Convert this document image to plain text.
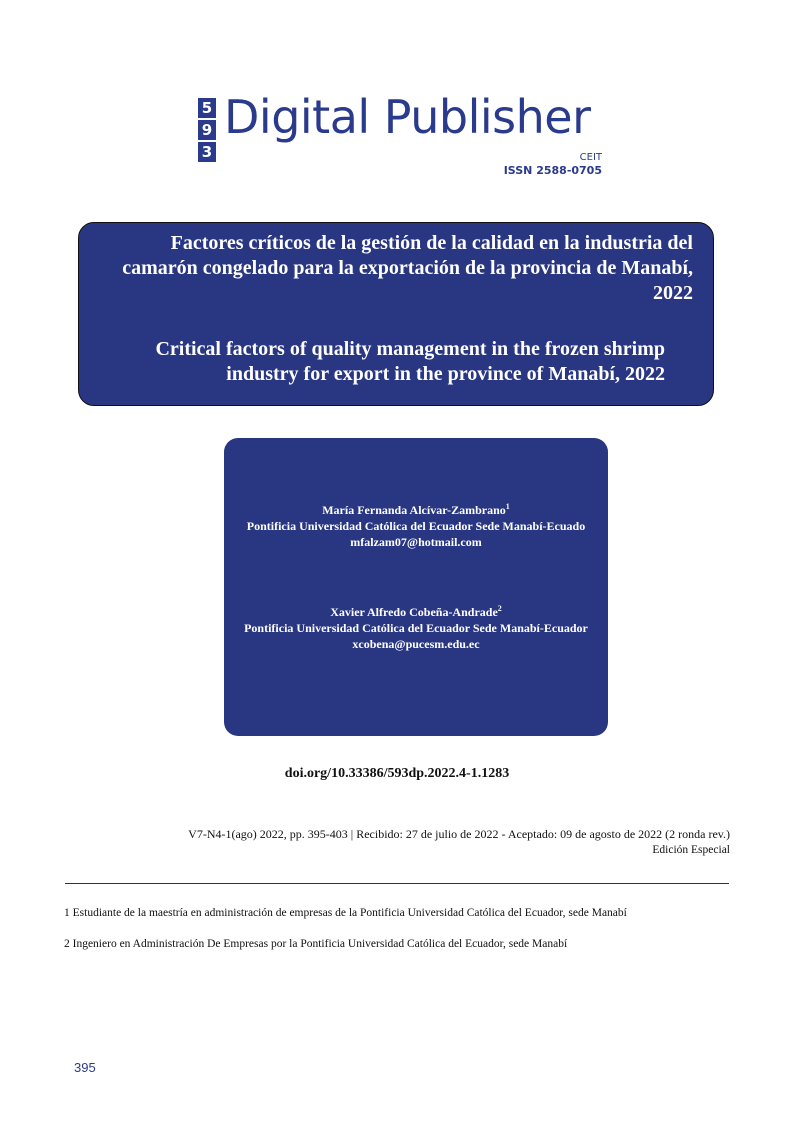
5
9
3
Digital Publisher
CEIT
ISSN 2588-0705

Factores críticos de la gestión de la calidad en la industria del camarón congelado para la exportación de la provincia de Manabí, 2022

Critical factors of quality management in the frozen shrimp industry for export in the province of Manabí, 2022

María Fernanda Alcívar-Zambrano$^1$
Pontificia Universidad Católica del Ecuador Sede Manabí-Ecuado
mfalzam07@hotmail.com
Xavier Alfredo Cobeña-Andrade$^2$
Pontificia Universidad Católica del Ecuador Sede Manabí-Ecuador
xcobena@pucesm.edu.ec
doi.org/10.33386/593dp.2022.4-1.1283
V7-N4-1(ago) 2022, pp. 395-403 | Recibido: 27 de julio de 2022 - Aceptado: 09 de agosto de 2022 (2 ronda rev.)
Edición Especial
1 Estudiante de la maestría en administración de empresas de la Pontificia Universidad Católica del Ecuador, sede Manabí
2 Ingeniero en Administración De Empresas por la Pontificia Universidad Católica del Ecuador, sede Manabí
395
